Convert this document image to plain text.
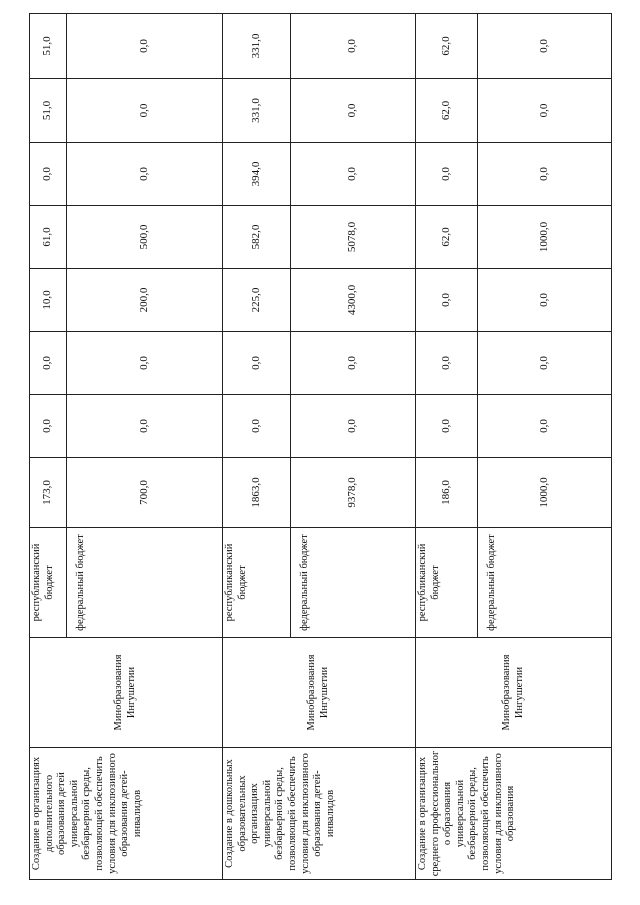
Создание в организациях дополнительного образования детей универсальной безбарьерной среды, позволяющей обеспечить условия для инклюзивного образования детей-инвалидов	Минобразования Ингушетии	республиканский бюджет	173,0	0,0	0,0	10,0	61,0	0,0	51,0	51,0
		федеральный бюджет	700,0	0,0	0,0	200,0	500,0	0,0	0,0	0,0
Создание в дошкольных образовательных организациях универсальной безбарьерной среды, позволяющей обеспечить условия для инклюзивного образования детей-инвалидов	Минобразования Ингушетии	республиканский бюджет	1863,0	0,0	0,0	225,0	582,0	394,0	331,0	331,0
		федеральный бюджет	9378,0	0,0	0,0	4300,0	5078,0	0,0	0,0	0,0
Создание в организациях среднего профессиональног о образования универсальной безбарьерной среды, позволяющей обеспечить условия для инклюзивного образования	Минобразования Ингушетии	республиканский бюджет	186,0	0,0	0,0	0,0	62,0	0,0	62,0	62,0
		федеральный бюджет	1000,0	0,0	0,0	0,0	1000,0	0,0	0,0	0,0
